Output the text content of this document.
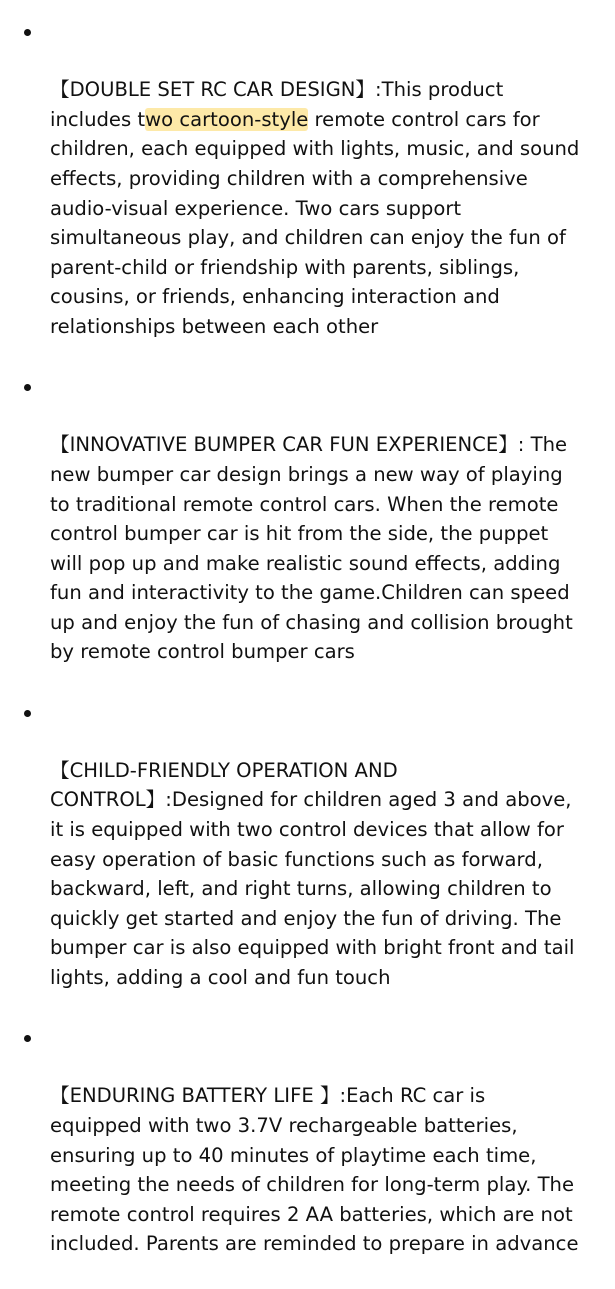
【DOUBLE SET RC CAR DESIGN】:This product
includes two cartoon-style remote control cars for
children, each equipped with lights, music, and sound
effects, providing children with a comprehensive
audio-visual experience. Two cars support
simultaneous play, and children can enjoy the fun of
parent-child or friendship with parents, siblings,
cousins, or friends, enhancing interaction and
relationships between each other

【INNOVATIVE BUMPER CAR FUN EXPERIENCE】: The
new bumper car design brings a new way of playing
to traditional remote control cars. When the remote
control bumper car is hit from the side, the puppet
will pop up and make realistic sound effects, adding
fun and interactivity to the game.Children can speed
up and enjoy the fun of chasing and collision brought
by remote control bumper cars

【CHILD-FRIENDLY OPERATION AND
CONTROL】:Designed for children aged 3 and above,
it is equipped with two control devices that allow for
easy operation of basic functions such as forward,
backward, left, and right turns, allowing children to
quickly get started and enjoy the fun of driving. The
bumper car is also equipped with bright front and tail
lights, adding a cool and fun touch

【ENDURING BATTERY LIFE 】:Each RC car is
equipped with two 3.7V rechargeable batteries,
ensuring up to 40 minutes of playtime each time,
meeting the needs of children for long-term play. The
remote control requires 2 AA batteries, which are not
included. Parents are reminded to prepare in advance
